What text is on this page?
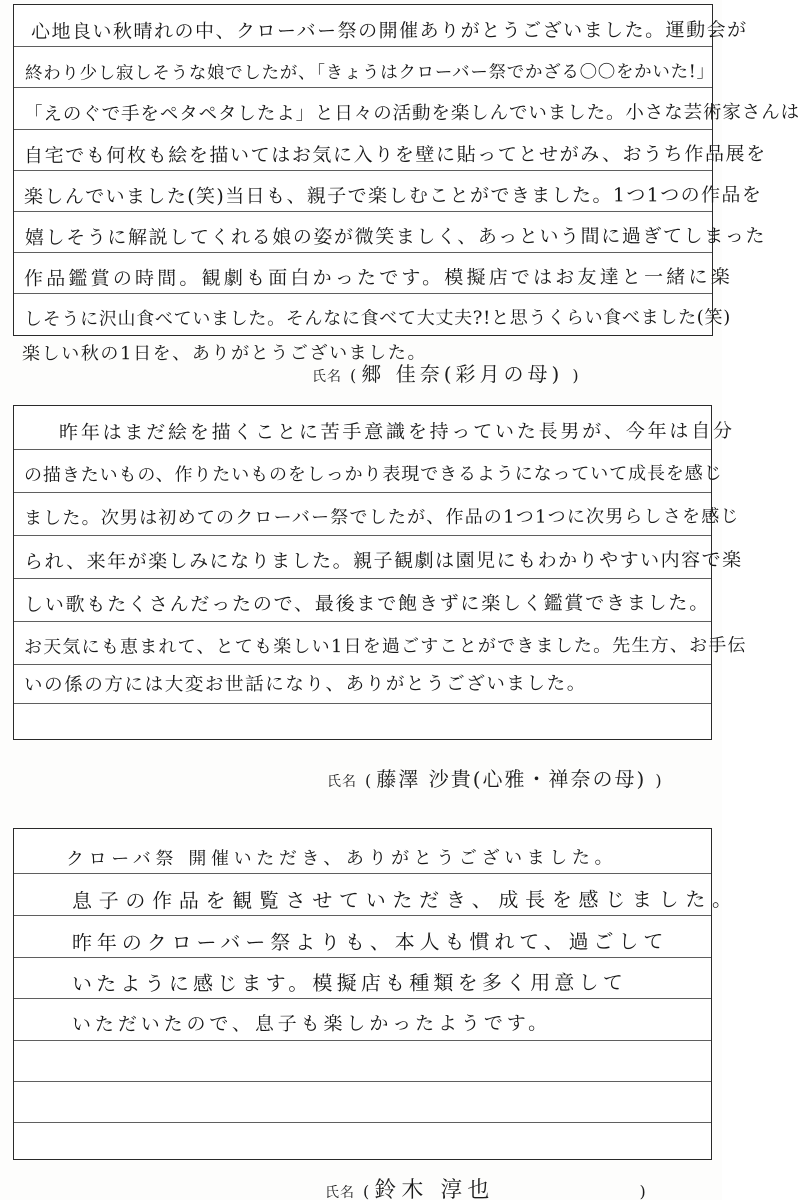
心地良い秋晴れの中、クローバー祭の開催ありがとうございました。運動会が
終わり少し寂しそうな娘でしたが、「きょうはクローバー祭でかざる〇〇をかいた!」
「えのぐで手をペタペタしたよ」と日々の活動を楽しんでいました。小さな芸術家さんは
自宅でも何枚も絵を描いてはお気に入りを壁に貼ってとせがみ、おうち作品展を
楽しんでいました(笑)当日も、親子で楽しむことができました。1つ1つの作品を
嬉しそうに解説してくれる娘の姿が微笑ましく、あっという間に過ぎてしまった
作品鑑賞の時間。観劇も面白かったです。模擬店ではお友達と一緒に楽
しそうに沢山食べていました。そんなに食べて大丈夫?!と思うくらい食べました(笑)
楽しい秋の1日を、ありがとうございました。
氏名 ( 郷 佳奈(彩月の母) )
昨年はまだ絵を描くことに苦手意識を持っていた長男が、今年は自分
の描きたいもの、作りたいものをしっかり表現できるようになっていて成長を感じ
ました。次男は初めてのクローバー祭でしたが、作品の1つ1つに次男らしさを感じ
られ、来年が楽しみになりました。親子観劇は園児にもわかりやすい内容で楽
しい歌もたくさんだったので、最後まで飽きずに楽しく鑑賞できました。
お天気にも恵まれて、とても楽しい1日を過ごすことができました。先生方、お手伝
いの係の方には大変お世話になり、ありがとうございました。
氏名 ( 藤澤 沙貴(心雅・禅奈の母) )
クローバ祭 開催いただき、ありがとうございました。
息子の作品を観覧させていただき、成長を感じました。
昨年のクローバー祭よりも、本人も慣れて、過ごして
いたように感じます。模擬店も種類を多く用意して
いただいたので、息子も楽しかったようです。
氏名 ( 鈴木 淳也	)
